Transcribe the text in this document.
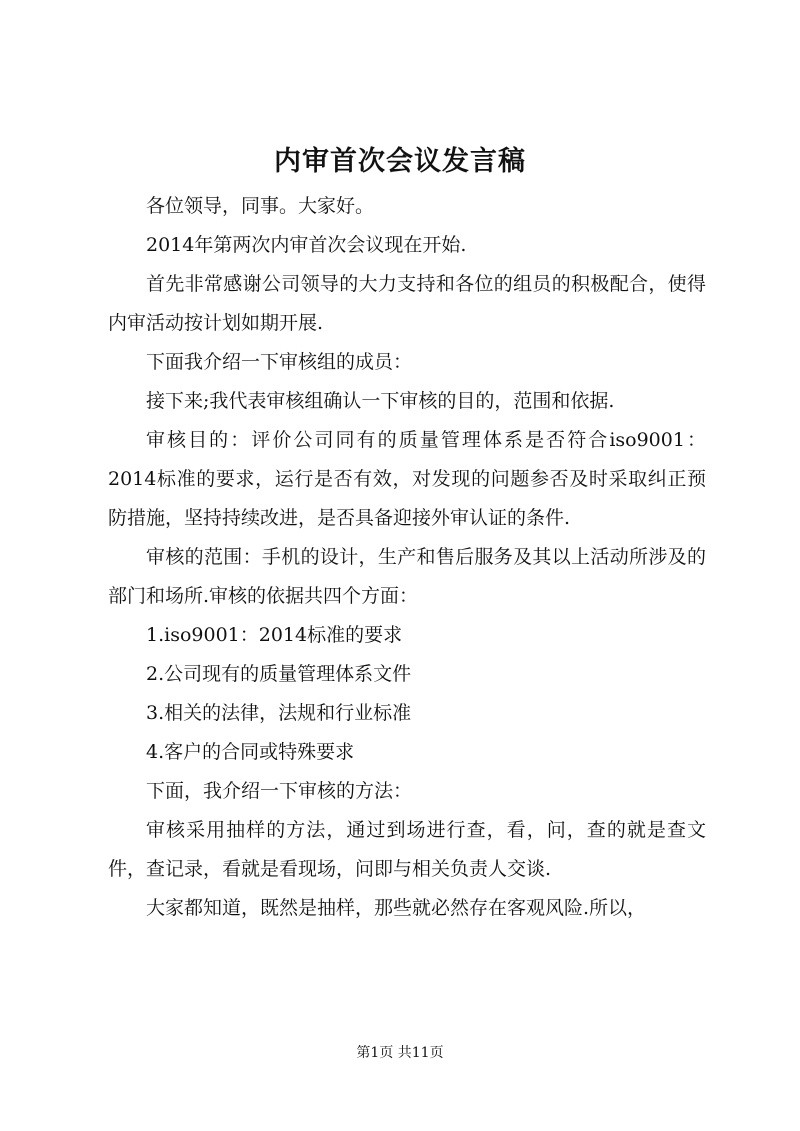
内审首次会议发言稿

各位领导，同事。大家好。

2014年第两次内审首次会议现在开始.

首先非常感谢公司领导的大力支持和各位的组员的积极配合，使得内审活动按计划如期开展.

下面我介绍一下审核组的成员：

接下来;我代表审核组确认一下审核的目的，范围和依据.

审核目的：评价公司同有的质量管理体系是否符合iso9001：2014标准的要求，运行是否有效，对发现的问题参否及时采取纠正预防措施，坚持持续改进，是否具备迎接外审认证的条件.

审核的范围：手机的设计，生产和售后服务及其以上活动所涉及的部门和场所.审核的依据共四个方面：

1.iso9001：2014标准的要求

2.公司现有的质量管理体系文件

3.相关的法律，法规和行业标准

4.客户的合同或特殊要求

下面，我介绍一下审核的方法：

审核采用抽样的方法，通过到场进行查，看，问，查的就是查文件，查记录，看就是看现场，问即与相关负责人交谈.

大家都知道，既然是抽样，那些就必然存在客观风险.所以，

第1页 共11页
